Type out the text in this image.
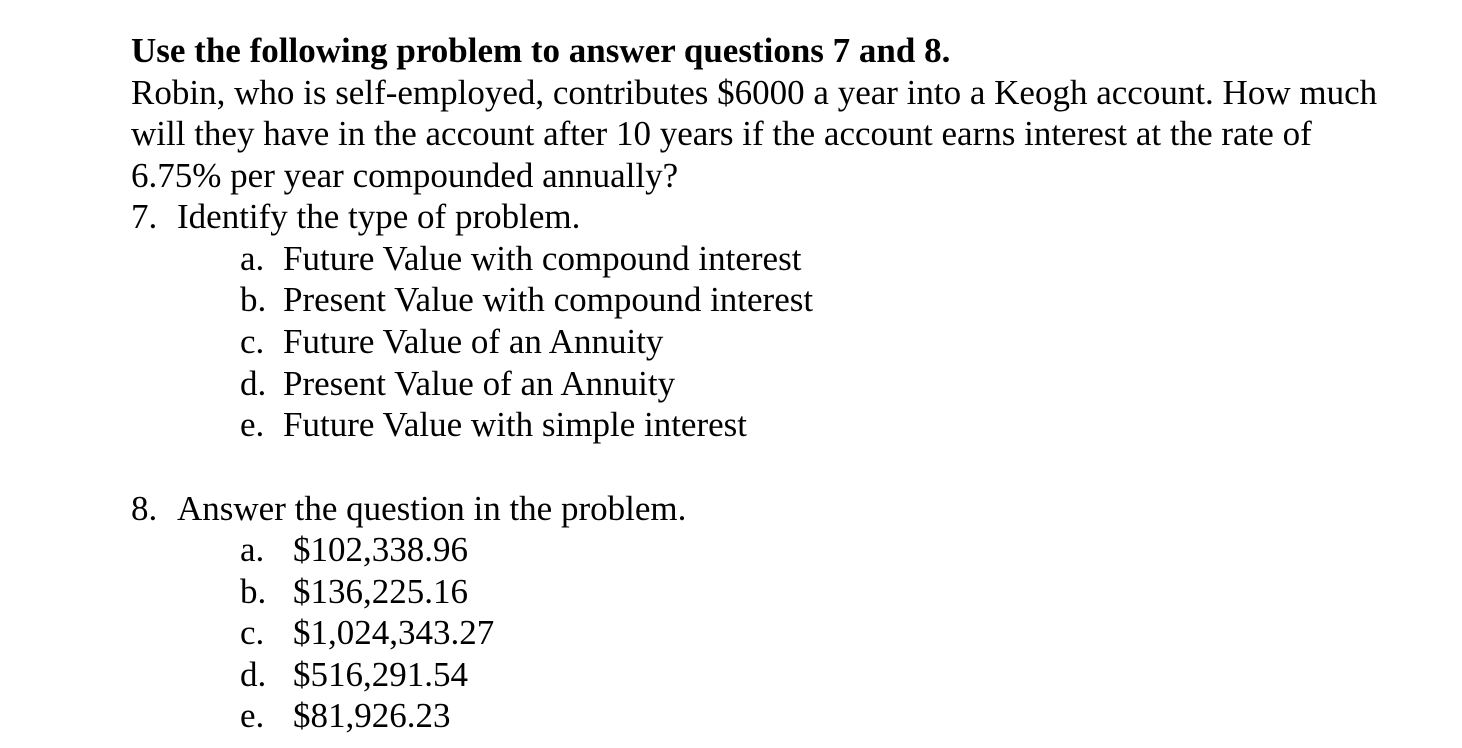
Use the following problem to answer questions 7 and 8.
Robin, who is self-employed, contributes $6000 a year into a Keogh account. How much
will they have in the account after 10 years if the account earns interest at the rate of
6.75% per year compounded annually?
7. Identify the type of problem.
a. Future Value with compound interest
b. Present Value with compound interest
c. Future Value of an Annuity
d. Present Value of an Annuity
e. Future Value with simple interest
8. Answer the question in the problem.
a. $102,338.96
b. $136,225.16
c. $1,024,343.27
d. $516,291.54
e. $81,926.23
